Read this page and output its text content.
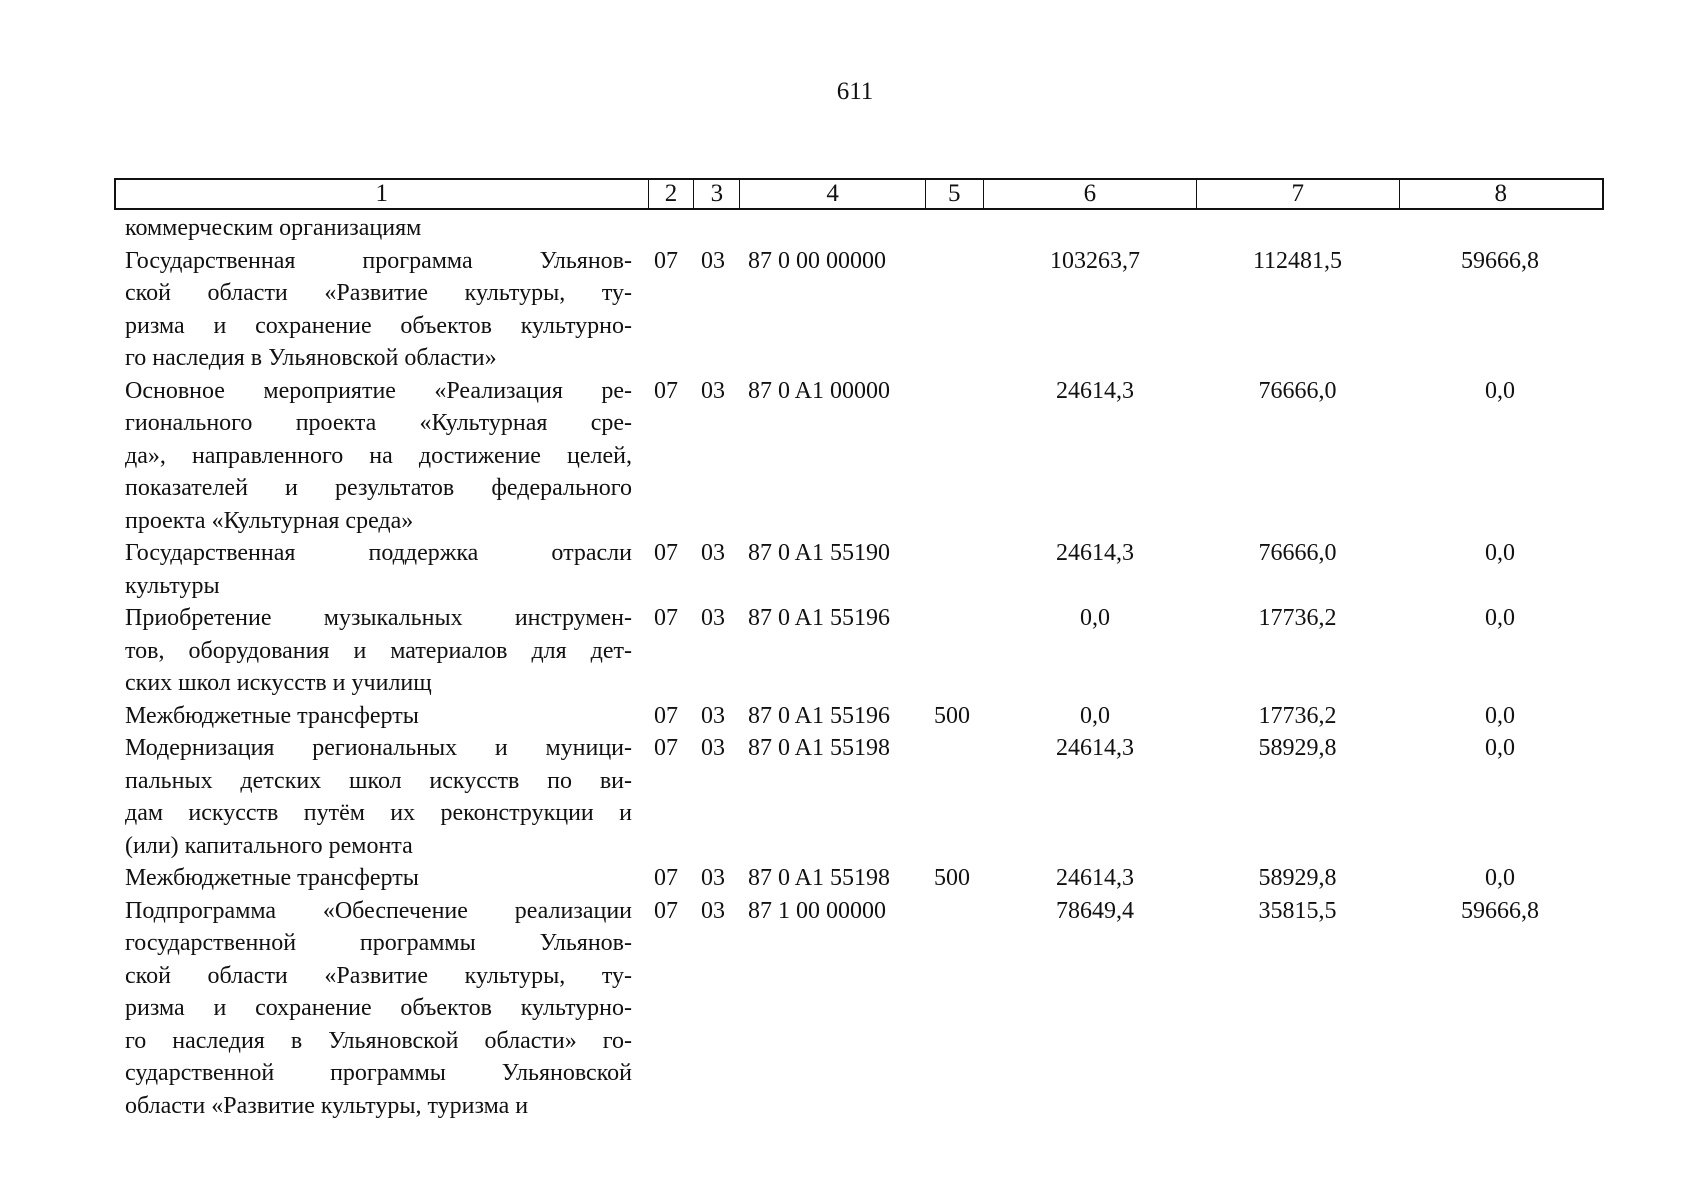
611
1	2	3	4	5	6	7	8
коммерческим организациям
Государственная программа Ульянов-
ской области «Развитие культуры, ту-
ризма и сохранение объектов культурно-
го наследия в Ульяновской области»
07 03 87 0 00 00000	103263,7	112481,5	59666,8
Основное мероприятие «Реализация ре-
гионального проекта «Культурная сре-
да», направленного на достижение целей,
показателей и результатов федерального
проекта «Культурная среда»
07 03 87 0 A1 00000	24614,3	76666,0	0,0
Государственная поддержка отрасли
культуры
07 03 87 0 A1 55190	24614,3	76666,0	0,0
Приобретение музыкальных инструмен-
тов, оборудования и материалов для дет-
ских школ искусств и училищ
07 03 87 0 A1 55196	0,0	17736,2	0,0
Межбюджетные трансферты	07 03 87 0 A1 55196 500	0,0	17736,2	0,0
Модернизация региональных и муници-
пальных детских школ искусств по ви-
дам искусств путём их реконструкции и
(или) капитального ремонта
07 03 87 0 A1 55198	24614,3	58929,8	0,0
Межбюджетные трансферты	07 03 87 0 A1 55198 500	24614,3	58929,8	0,0
Подпрограмма «Обеспечение реализации
государственной программы Ульянов-
ской области «Развитие культуры, ту-
ризма и сохранение объектов культурно-
го наследия в Ульяновской области» го-
сударственной программы Ульяновской
области «Развитие культуры, туризма и
07 03 87 1 00 00000	78649,4	35815,5	59666,8
